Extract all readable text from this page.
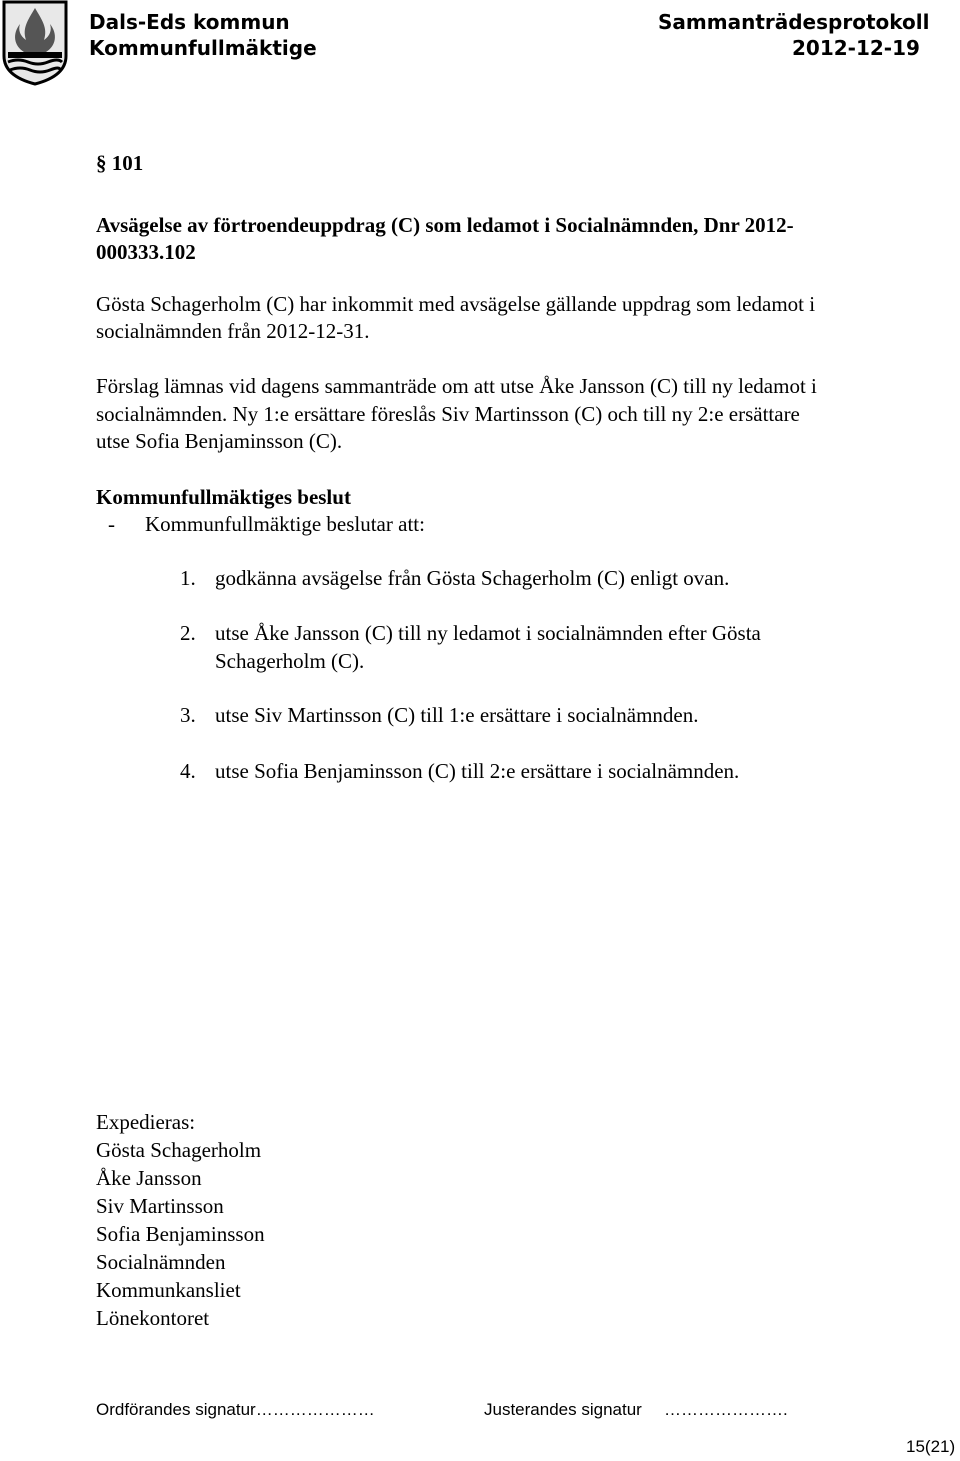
Dals-Eds kommun
Kommunfullmäktige
Sammanträdesprotokoll
2012-12-19
§ 101
Avsägelse av förtroendeuppdrag (C) som ledamot i Socialnämnden, Dnr 2012-
000333.102
Gösta Schagerholm (C) har inkommit med avsägelse gällande uppdrag som ledamot i
socialnämnden från 2012-12-31.
Förslag lämnas vid dagens sammanträde om att utse Åke Jansson (C) till ny ledamot i
socialnämnden. Ny 1:e ersättare föreslås Siv Martinsson (C) och till ny 2:e ersättare
utse Sofia Benjaminsson (C).
Kommunfullmäktiges beslut
- Kommunfullmäktige beslutar att:
1. godkänna avsägelse från Gösta Schagerholm (C) enligt ovan.
2. utse Åke Jansson (C) till ny ledamot i socialnämnden efter Gösta
Schagerholm (C).
3. utse Siv Martinsson (C) till 1:e ersättare i socialnämnden.
4. utse Sofia Benjaminsson (C) till 2:e ersättare i socialnämnden.
Expedieras:
Gösta Schagerholm
Åke Jansson
Siv Martinsson
Sofia Benjaminsson
Socialnämnden
Kommunkansliet
Lönekontoret
Ordförandes signatur…………………	Justerandes signatur ………………….
15(21)
